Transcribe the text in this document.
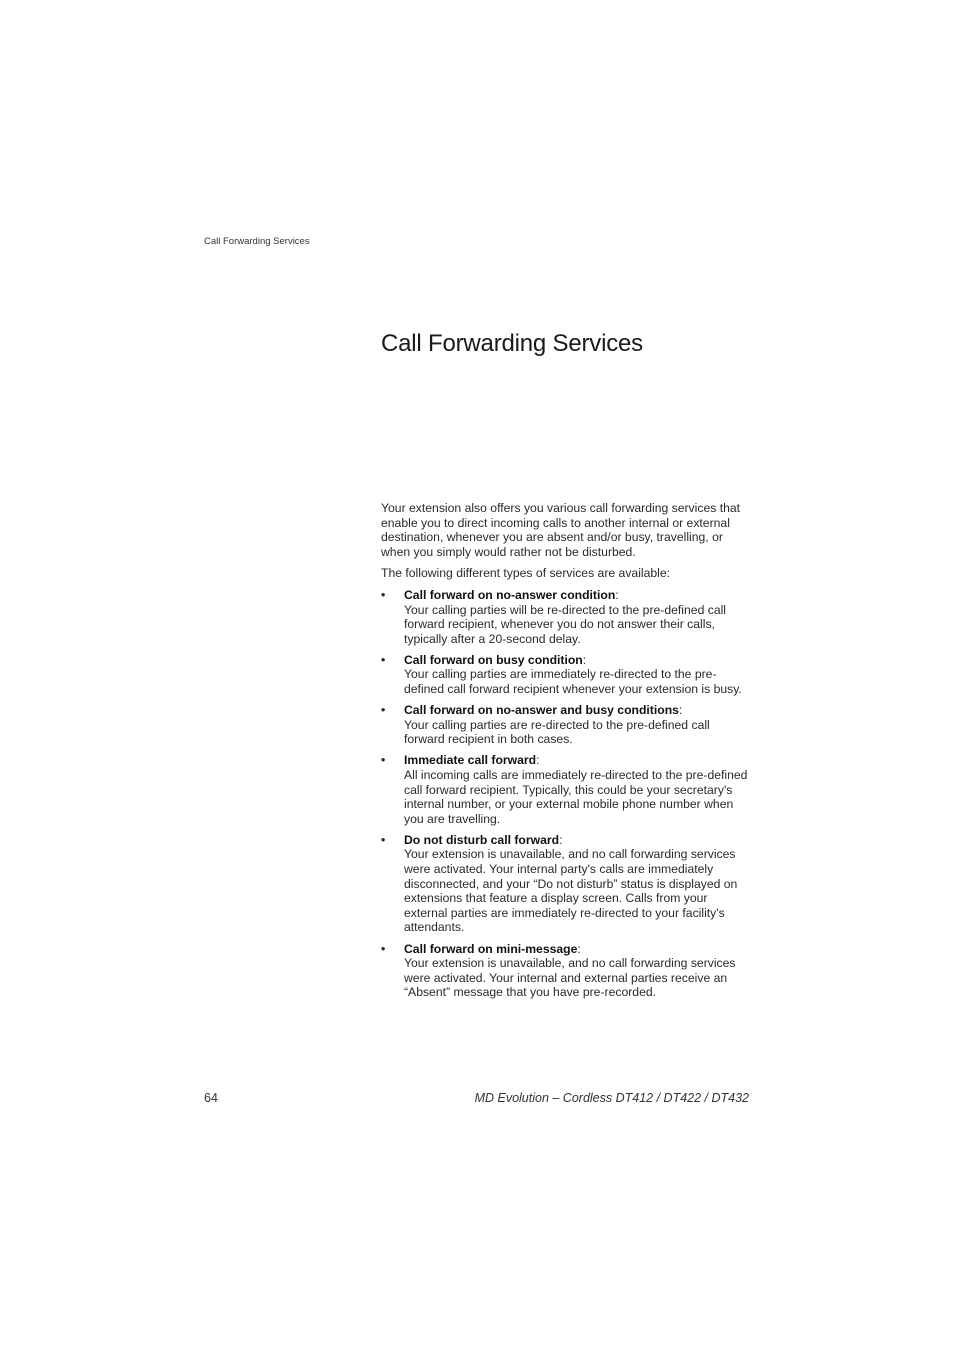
Call Forwarding Services
Call Forwarding Services

Your extension also offers you various call forwarding services that enable you to direct incoming calls to another internal or external destination, whenever you are absent and/or busy, travelling, or when you simply would rather not be disturbed.

The following different types of services are available:

• Call forward on no-answer condition:
Your calling parties will be re-directed to the pre-defined call forward recipient, whenever you do not answer their calls, typically after a 20-second delay.
• Call forward on busy condition:
Your calling parties are immediately re-directed to the pre-defined call forward recipient whenever your extension is busy.
• Call forward on no-answer and busy conditions:
Your calling parties are re-directed to the pre-defined call forward recipient in both cases.
• Immediate call forward:
All incoming calls are immediately re-directed to the pre-defined call forward recipient. Typically, this could be your secretary's internal number, or your external mobile phone number when you are travelling.
• Do not disturb call forward:
Your extension is unavailable, and no call forwarding services were activated. Your internal party's calls are immediately disconnected, and your “Do not disturb” status is displayed on extensions that feature a display screen. Calls from your external parties are immediately re-directed to your facility's attendants.
• Call forward on mini-message:
Your extension is unavailable, and no call forwarding services were activated. Your internal and external parties receive an “Absent” message that you have pre-recorded.
64	MD Evolution – Cordless DT412 / DT422 / DT432
